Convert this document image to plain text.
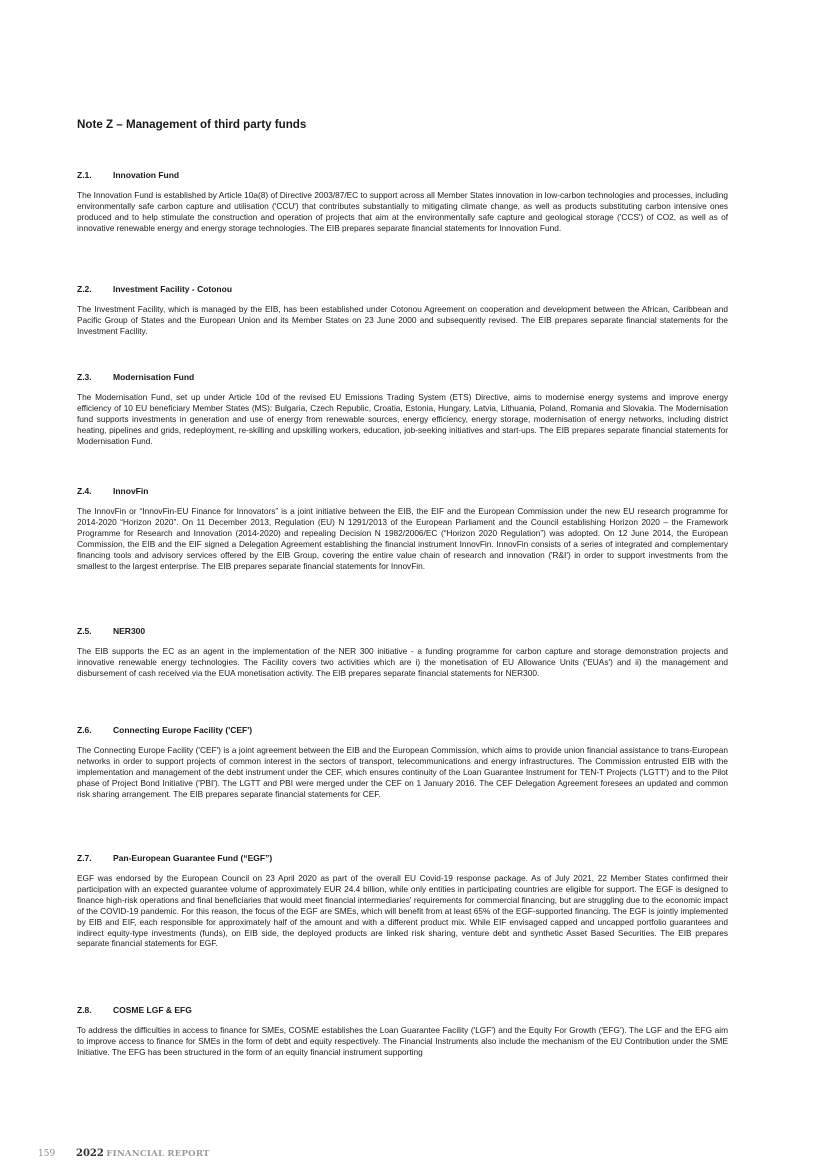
Note Z – Management of third party funds
Z.1.	Innovation Fund

The Innovation Fund is established by Article 10a(8) of Directive 2003/87/EC to support across all Member States innovation in low-carbon technologies and processes, including environmentally safe carbon capture and utilisation ('CCU') that contributes substantially to mitigating climate change, as well as products substituting carbon intensive ones produced and to help stimulate the construction and operation of projects that aim at the environmentally safe capture and geological storage ('CCS') of CO2, as well as of innovative renewable energy and energy storage technologies. The EIB prepares separate financial statements for Innovation Fund.

Z.2.	Investment Facility - Cotonou

The Investment Facility, which is managed by the EIB, has been established under Cotonou Agreement on cooperation and development between the African, Caribbean and Pacific Group of States and the European Union and its Member States on 23 June 2000 and subsequently revised. The EIB prepares separate financial statements for the Investment Facility.

Z.3.	Modernisation Fund

The Modernisation Fund, set up under Article 10d of the revised EU Emissions Trading System (ETS) Directive, aims to modernise energy systems and improve energy efficiency of 10 EU beneficiary Member States (MS): Bulgaria, Czech Republic, Croatia, Estonia, Hungary, Latvia, Lithuania, Poland, Romania and Slovakia. The Modernisation fund supports investments in generation and use of energy from renewable sources, energy efficiency, energy storage, modernisation of energy networks, including district heating, pipelines and grids, redeployment, re-skilling and upskilling workers, education, job-seeking initiatives and start-ups. The EIB prepares separate financial statements for Modernisation Fund.

Z.4.	InnovFin

The InnovFin or “InnovFin-EU Finance for Innovators” is a joint initiative between the EIB, the EIF and the European Commission under the new EU research programme for 2014-2020 “Horizon 2020”. On 11 December 2013, Regulation (EU) N 1291/2013 of the European Parliament and the Council establishing Horizon 2020 – the Framework Programme for Research and Innovation (2014-2020) and repealing Decision N 1982/2006/EC (“Horizon 2020 Regulation”) was adopted. On 12 June 2014, the European Commission, the EIB and the EIF signed a Delegation Agreement establishing the financial instrument InnovFin. InnovFin consists of a series of integrated and complementary financing tools and advisory services offered by the EIB Group, covering the entire value chain of research and innovation ('R&I') in order to support investments from the smallest to the largest enterprise. The EIB prepares separate financial statements for InnovFin.

Z.5.	NER300

The EIB supports the EC as an agent in the implementation of the NER 300 initiative - a funding programme for carbon capture and storage demonstration projects and innovative renewable energy technologies. The Facility covers two activities which are i) the monetisation of EU Allowance Units ('EUAs') and ii) the management and disbursement of cash received via the EUA monetisation activity. The EIB prepares separate financial statements for NER300.

Z.6.	Connecting Europe Facility ('CEF')

The Connecting Europe Facility ('CEF') is a joint agreement between the EIB and the European Commission, which aims to provide union financial assistance to trans-European networks in order to support projects of common interest in the sectors of transport, telecommunications and energy infrastructures. The Commission entrusted EIB with the implementation and management of the debt instrument under the CEF, which ensures continuity of the Loan Guarantee Instrument for TEN-T Projects ('LGTT') and to the Pilot phase of Project Bond Initiative ('PBI'). The LGTT and PBI were merged under the CEF on 1 January 2016. The CEF Delegation Agreement foresees an updated and common risk sharing arrangement. The EIB prepares separate financial statements for CEF.

Z.7.	Pan-European Guarantee Fund (“EGF”)

EGF was endorsed by the European Council on 23 April 2020 as part of the overall EU Covid-19 response package. As of July 2021, 22 Member States confirmed their participation with an expected guarantee volume of approximately EUR 24.4 billion, while only entities in participating countries are eligible for support. The EGF is designed to finance high-risk operations and final beneficiaries that would meet financial intermediaries' requirements for commercial financing, but are struggling due to the economic impact of the COVID-19 pandemic. For this reason, the focus of the EGF are SMEs, which will benefit from at least 65% of the EGF-supported financing. The EGF is jointly implemented by EIB and EIF, each responsible for approximately half of the amount and with a different product mix. While EIF envisaged capped and uncapped portfolio guarantees and indirect equity-type investments (funds), on EIB side, the deployed products are linked risk sharing, venture debt and synthetic Asset Based Securities. The EIB prepares separate financial statements for EGF.

Z.8.	COSME LGF & EFG

To address the difficulties in access to finance for SMEs, COSME establishes the Loan Guarantee Facility ('LGF') and the Equity For Growth ('EFG'). The LGF and the EFG aim to improve access to finance for SMEs in the form of debt and equity respectively. The Financial Instruments also include the mechanism of the EU Contribution under the SME Initiative. The EFG has been structured in the form of an equity financial instrument supporting

159 2022 FINANCIAL REPORT
